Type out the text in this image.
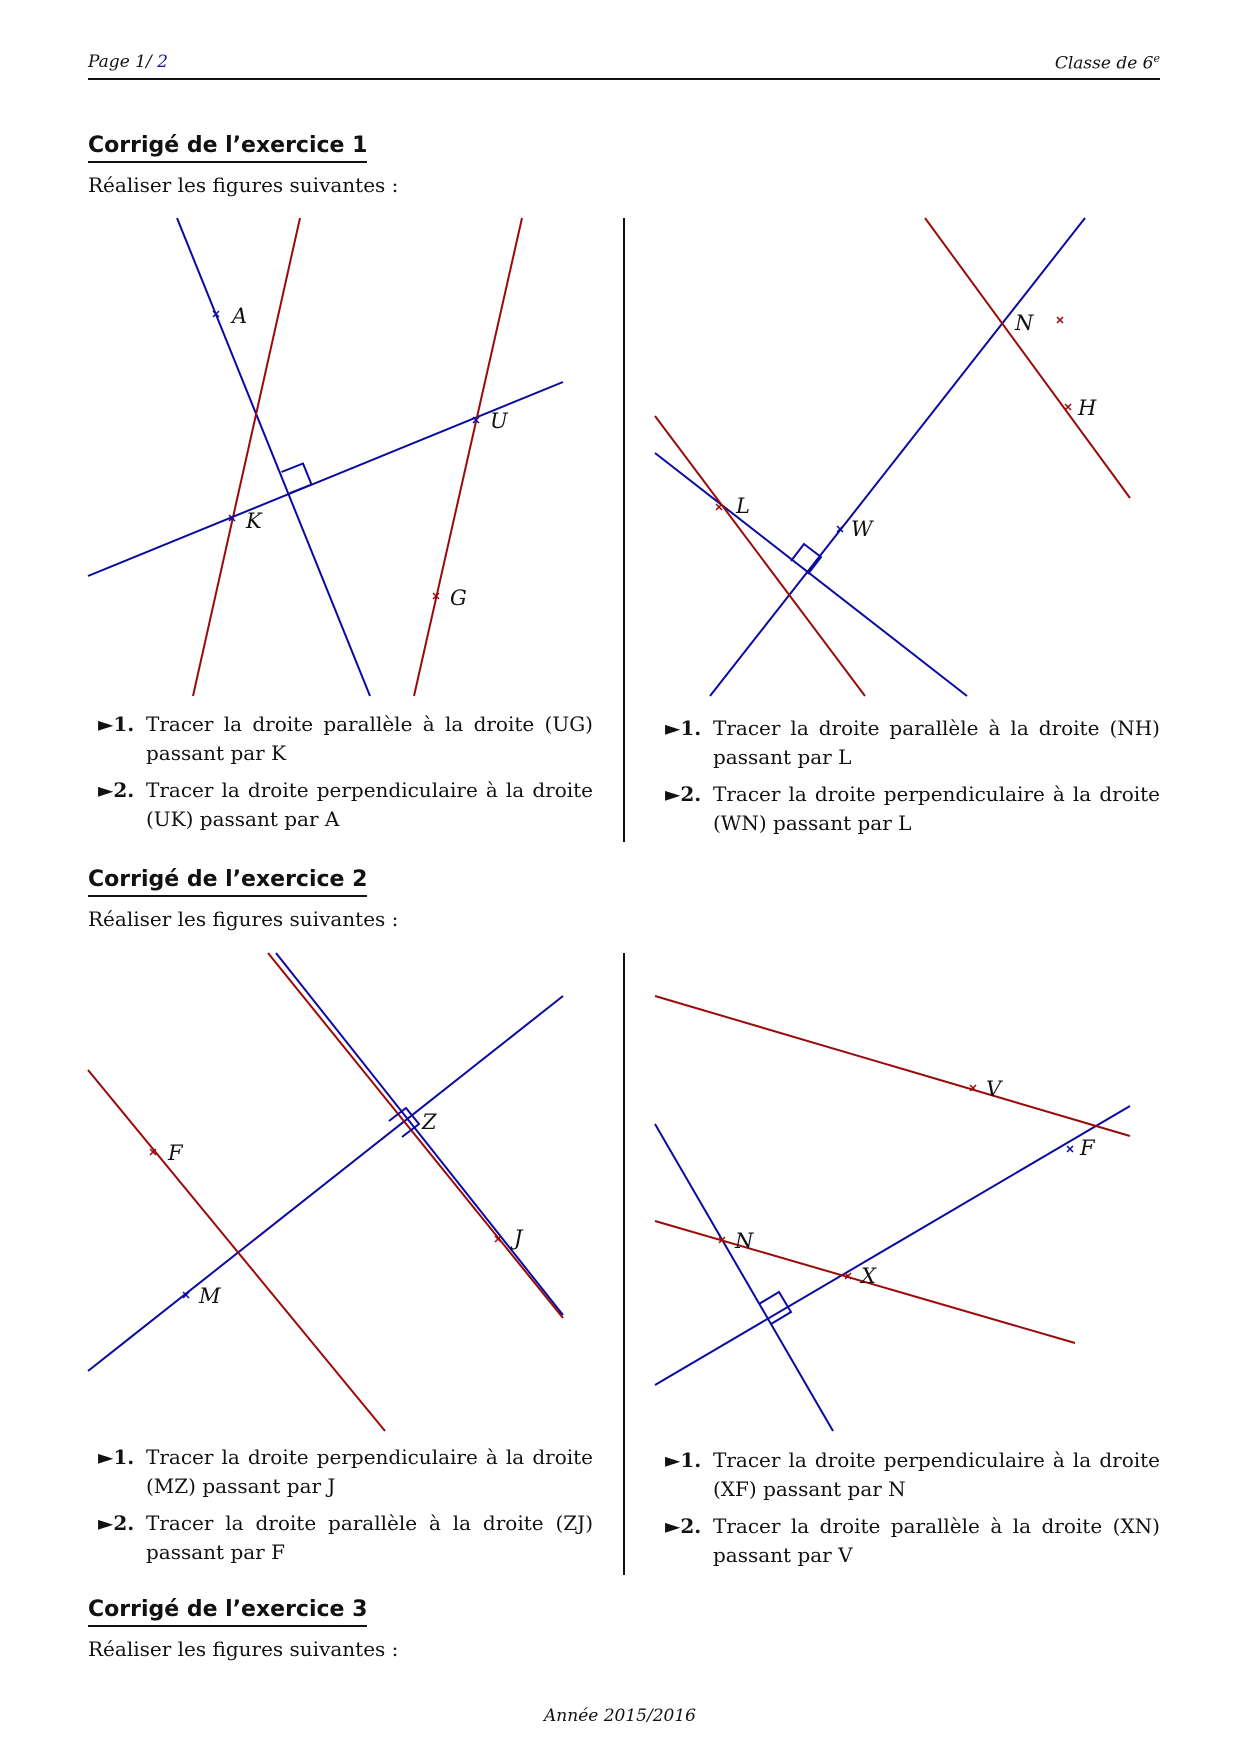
Page 1/ 2	Classe de 6e
Corrigé de l’exercice 1
Réaliser les figures suivantes :
A
U
K
G
N
H
L
W
►1. Tracer la droite parallèle à la droite (UG) passant par K
►2. Tracer la droite perpendiculaire à la droite (UK) passant par A
►1. Tracer la droite parallèle à la droite (NH) passant par L
►2. Tracer la droite perpendiculaire à la droite (WN) passant par L
Corrigé de l’exercice 2
Réaliser les figures suivantes :
Z
F
J
M
V
F
N
X
►1. Tracer la droite perpendiculaire à la droite (MZ) passant par J
►2. Tracer la droite parallèle à la droite (ZJ) passant par F
►1. Tracer la droite perpendiculaire à la droite (XF) passant par N
►2. Tracer la droite parallèle à la droite (XN) passant par V
Corrigé de l’exercice 3
Réaliser les figures suivantes :
Année 2015/2016
